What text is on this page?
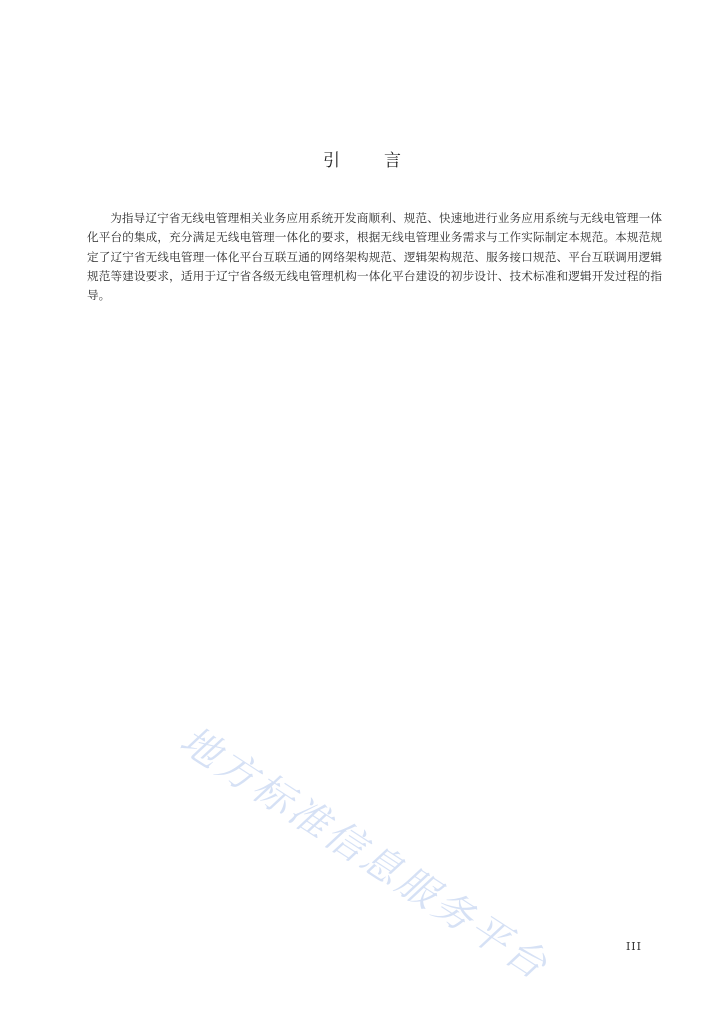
引言

为指导辽宁省无线电管理相关业务应用系统开发商顺利、规范、快速地进行业务应用系统与无线电管理一体化平台的集成，充分满足无线电管理一体化的要求，根据无线电管理业务需求与工作实际制定本规范。本规范规定了辽宁省无线电管理一体化平台互联互通的网络架构规范、逻辑架构规范、服务接口规范、平台互联调用逻辑规范等建设要求，适用于辽宁省各级无线电管理机构一体化平台建设的初步设计、技术标准和逻辑开发过程的指导。

地方标准信息服务平台	III
